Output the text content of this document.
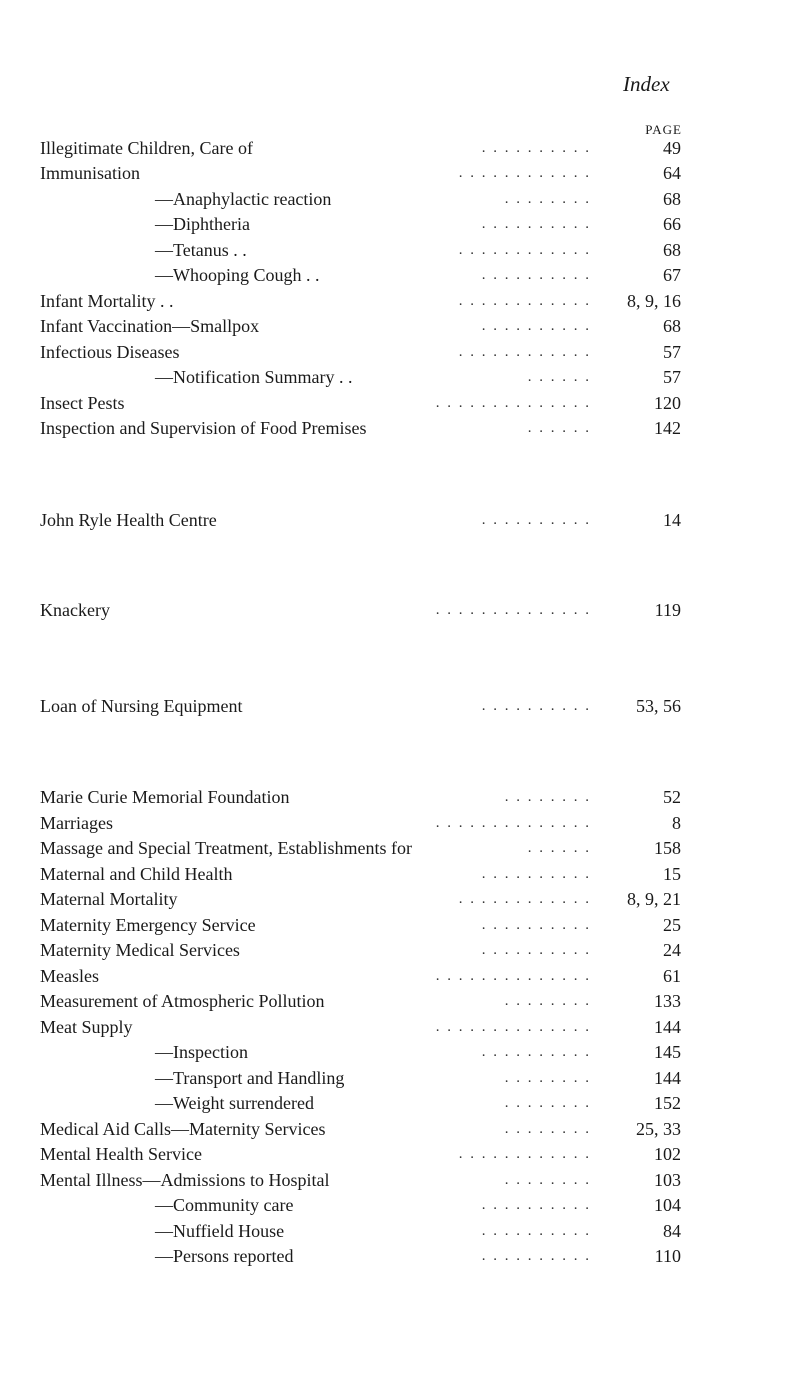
Index
PAGE
Illegitimate Children, Care of	. . . . . . . . . .	49
Immunisation	. . . . . . . . . . . .	64
—Anaphylactic reaction	. . . . . . . .	68
—Diphtheria	. . . . . . . . . .	66
—Tetanus . .	. . . . . . . . . . . .	68
—Whooping Cough . .	. . . . . . . . . .	67
Infant Mortality . .	. . . . . . . . . . . . 8, 9, 16
Infant Vaccination—Smallpox	. . . . . . . . . .	68
Infectious Diseases	. . . . . . . . . . . .	57
—Notification Summary . .	. . . . . .	57
Insect Pests	. . . . . . . . . . . . . .	120
Inspection and Supervision of Food Premises	. . . . . .	142
John Ryle Health Centre	. . . . . . . . . .	14
Knackery	. . . . . . . . . . . . . .	119
Loan of Nursing Equipment	. . . . . . . . . .	53, 56
Marie Curie Memorial Foundation	. . . . . . . .	52
Marriages	. . . . . . . . . . . . . .	8
Massage and Special Treatment, Establishments for	. . . . . .	158
Maternal and Child Health	. . . . . . . . . .	15
Maternal Mortality	. . . . . . . . . . . . 8, 9, 21
Maternity Emergency Service	. . . . . . . . . .	25
Maternity Medical Services	. . . . . . . . . .	24
Measles	. . . . . . . . . . . . . .	61
Measurement of Atmospheric Pollution	. . . . . . . .	133
Meat Supply	. . . . . . . . . . . . . .	144
—Inspection	. . . . . . . . . .	145
—Transport and Handling	. . . . . . . .	144
—Weight surrendered	. . . . . . . .	152
Medical Aid Calls—Maternity Services	. . . . . . . .	25, 33
Mental Health Service	. . . . . . . . . . . .	102
Mental Illness—Admissions to Hospital	. . . . . . . .	103
—Community care	. . . . . . . . . .	104
—Nuffield House	. . . . . . . . . .	84
—Persons reported	. . . . . . . . . .	110
